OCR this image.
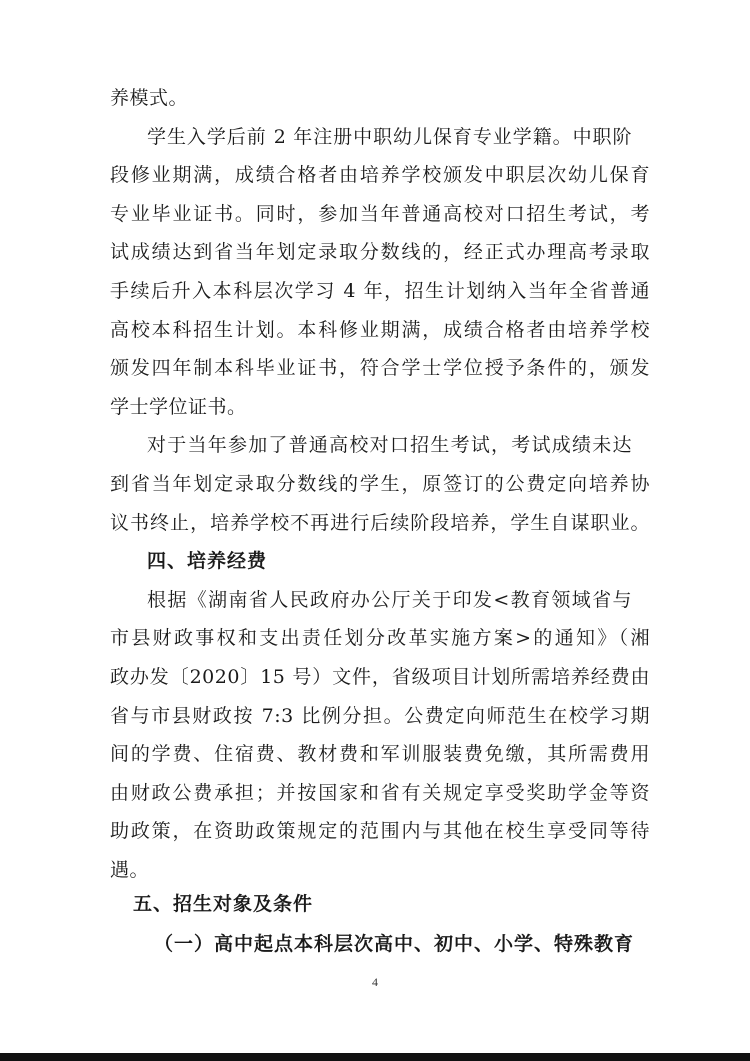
养模式。
学生入学后前 2 年注册中职幼儿保育专业学籍。中职阶
段修业期满，成绩合格者由培养学校颁发中职层次幼儿保育
专业毕业证书。同时，参加当年普通高校对口招生考试，考
试成绩达到省当年划定录取分数线的，经正式办理高考录取
手续后升入本科层次学习 4 年，招生计划纳入当年全省普通
高校本科招生计划。本科修业期满，成绩合格者由培养学校
颁发四年制本科毕业证书，符合学士学位授予条件的，颁发
学士学位证书。
对于当年参加了普通高校对口招生考试，考试成绩未达
到省当年划定录取分数线的学生，原签订的公费定向培养协
议书终止，培养学校不再进行后续阶段培养，学生自谋职业。
四、培养经费
根据《湖南省人民政府办公厅关于印发<教育领域省与
市县财政事权和支出责任划分改革实施方案>的通知》（湘
政办发〔2020〕15 号）文件，省级项目计划所需培养经费由
省与市县财政按 7:3 比例分担。公费定向师范生在校学习期
间的学费、住宿费、教材费和军训服装费免缴，其所需费用
由财政公费承担；并按国家和省有关规定享受奖助学金等资
助政策，在资助政策规定的范围内与其他在校生享受同等待
遇。
五、招生对象及条件
（一）高中起点本科层次高中、初中、小学、特殊教育
4
